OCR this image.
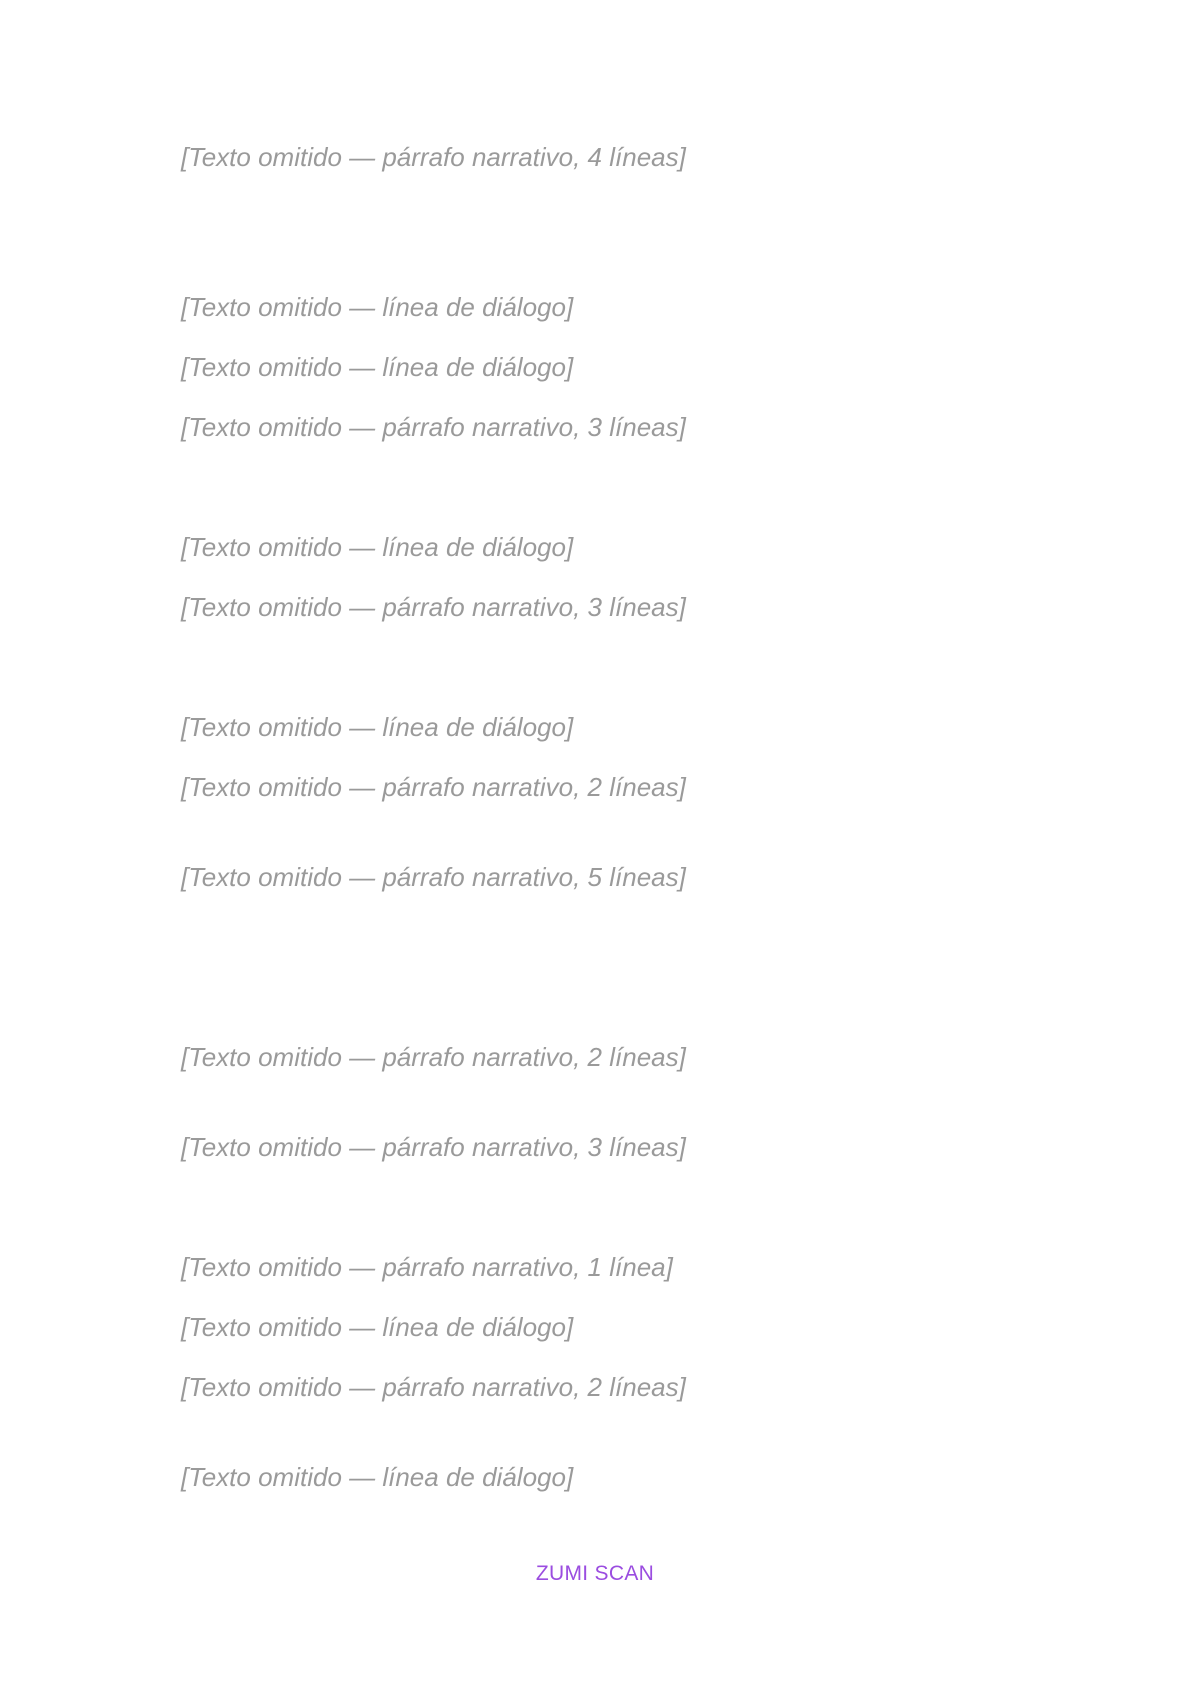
[Texto omitido — párrafo narrativo, 4 líneas]

[Texto omitido — línea de diálogo]

[Texto omitido — línea de diálogo]

[Texto omitido — párrafo narrativo, 3 líneas]

[Texto omitido — línea de diálogo]

[Texto omitido — párrafo narrativo, 3 líneas]

[Texto omitido — línea de diálogo]

[Texto omitido — párrafo narrativo, 2 líneas]

[Texto omitido — párrafo narrativo, 5 líneas]

[Texto omitido — párrafo narrativo, 2 líneas]

[Texto omitido — párrafo narrativo, 3 líneas]

[Texto omitido — párrafo narrativo, 1 línea]

[Texto omitido — línea de diálogo]

[Texto omitido — párrafo narrativo, 2 líneas]

[Texto omitido — línea de diálogo]

ZUMI SCAN
